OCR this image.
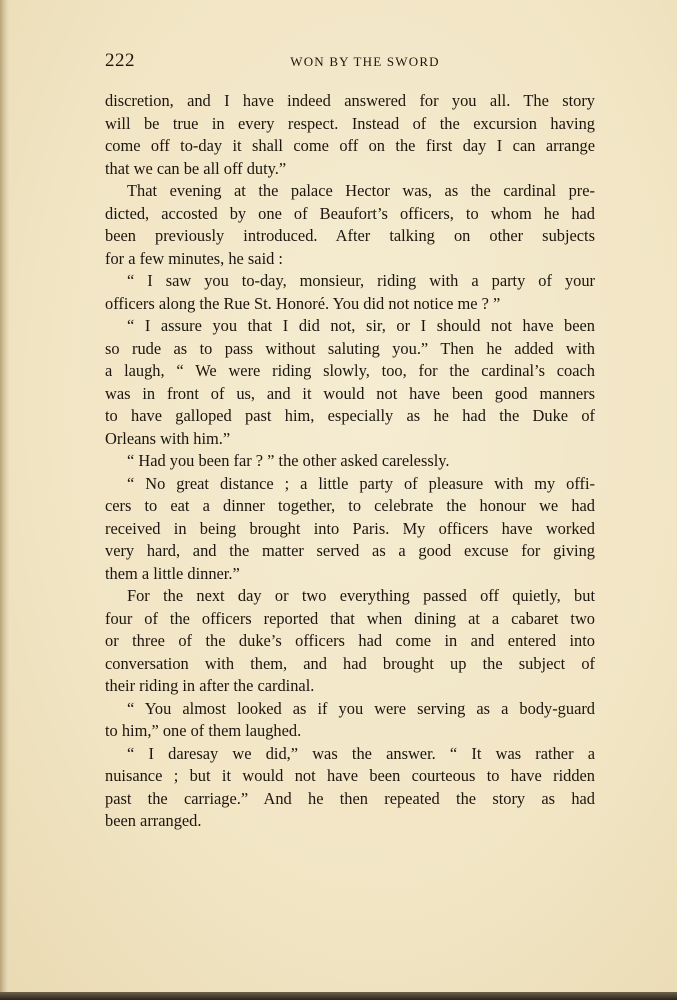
222	WON BY THE SWORD
discretion, and I have indeed answered for you all. The story
will be true in every respect. Instead of the excursion having
come off to-day it shall come off on the first day I can arrange
that we can be all off duty.”
That evening at the palace Hector was, as the cardinal pre-
dicted, accosted by one of Beaufort’s officers, to whom he had
been previously introduced. After talking on other subjects
for a few minutes, he said :
“ I saw you to-day, monsieur, riding with a party of your
officers along the Rue St. Honoré. You did not notice me ? ”
“ I assure you that I did not, sir, or I should not have been
so rude as to pass without saluting you.” Then he added with
a laugh, “ We were riding slowly, too, for the cardinal’s coach
was in front of us, and it would not have been good manners
to have galloped past him, especially as he had the Duke of
Orleans with him.”
“ Had you been far ? ” the other asked carelessly.
“ No great distance ; a little party of pleasure with my offi-
cers to eat a dinner together, to celebrate the honour we had
received in being brought into Paris. My officers have worked
very hard, and the matter served as a good excuse for giving
them a little dinner.”
For the next day or two everything passed off quietly, but
four of the officers reported that when dining at a cabaret two
or three of the duke’s officers had come in and entered into
conversation with them, and had brought up the subject of
their riding in after the cardinal.
“ You almost looked as if you were serving as a body-guard
to him,” one of them laughed.
“ I daresay we did,” was the answer. “ It was rather a
nuisance ; but it would not have been courteous to have ridden
past the carriage.” And he then repeated the story as had
been arranged.
